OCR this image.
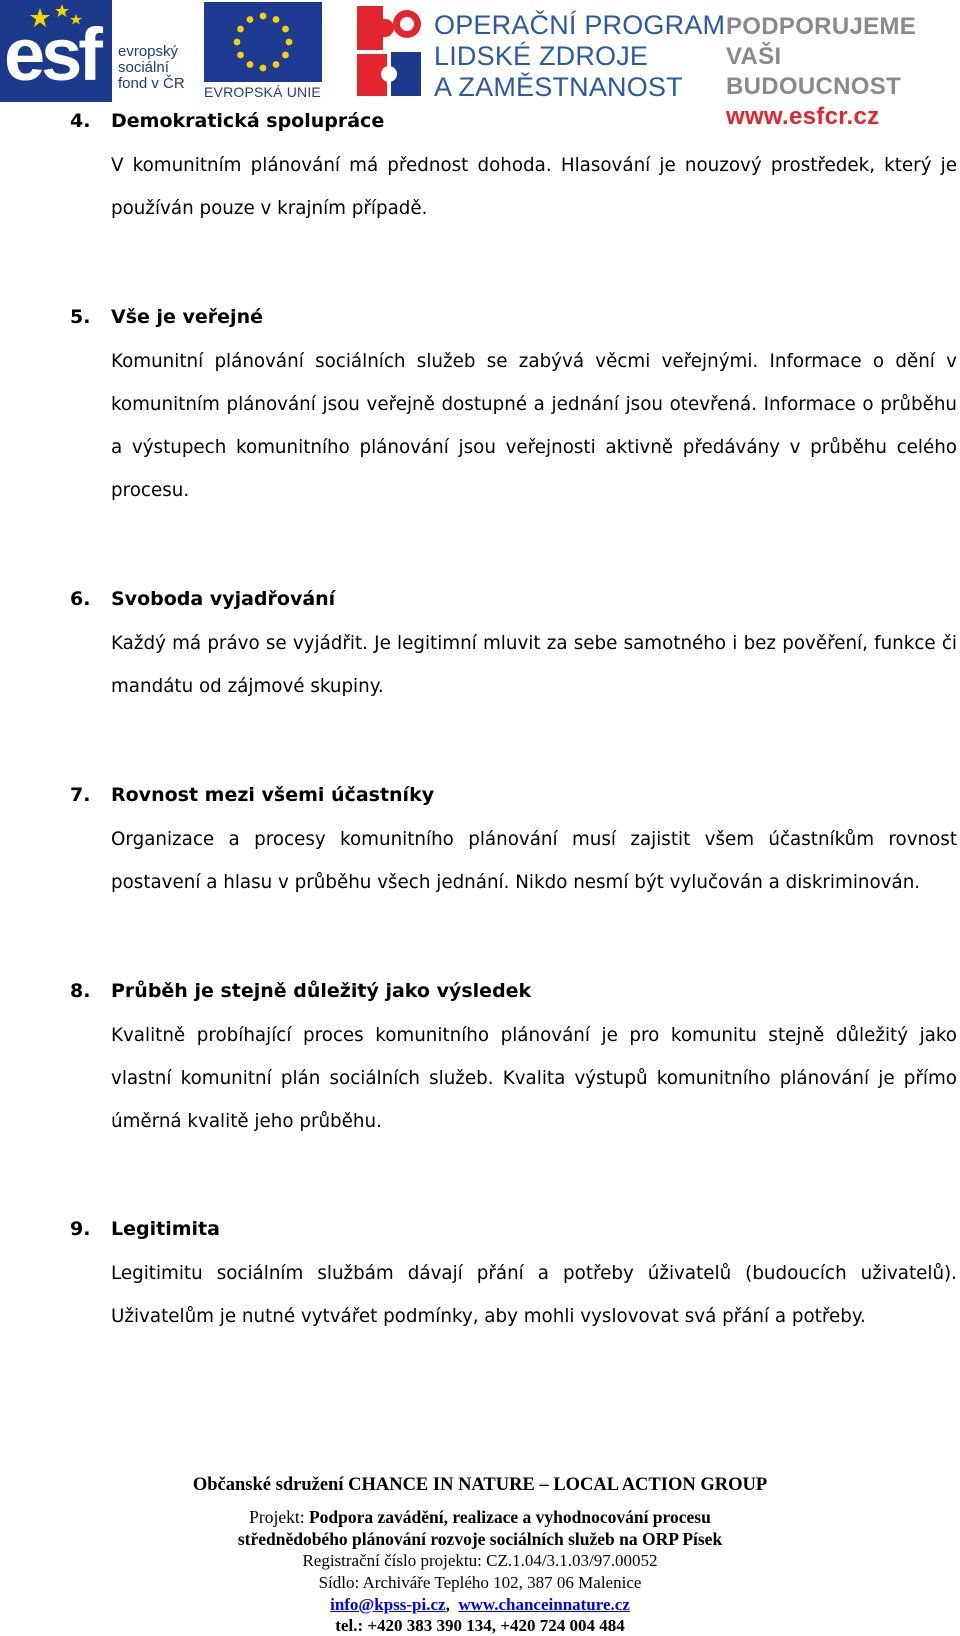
esf evropský
sociální
fond v ČR EVROPSKÁ UNIE
OPERAČNÍ PROGRAM
LIDSKÉ ZDROJE
A ZAMĚSTNANOST
PODPORUJEME
VAŠI BUDOUCNOST
www.esfcr.cz
4. Demokratická spolupráce
V komunitním plánování má přednost dohoda. Hlasování je nouzový prostředek, který je používán pouze v krajním případě.
5. Vše je veřejné
Komunitní plánování sociálních služeb se zabývá věcmi veřejnými. Informace o dění v komunitním plánování jsou veřejně dostupné a jednání jsou otevřená. Informace o průběhu a výstupech komunitního plánování jsou veřejnosti aktivně předávány v průběhu celého procesu.
6. Svoboda vyjadřování
Každý má právo se vyjádřit. Je legitimní mluvit za sebe samotného i bez pověření, funkce či mandátu od zájmové skupiny.
7. Rovnost mezi všemi účastníky
Organizace a procesy komunitního plánování musí zajistit všem účastníkům rovnost postavení a hlasu v průběhu všech jednání. Nikdo nesmí být vylučován a diskriminován.
8. Průběh je stejně důležitý jako výsledek
Kvalitně probíhající proces komunitního plánování je pro komunitu stejně důležitý jako vlastní komunitní plán sociálních služeb. Kvalita výstupů komunitního plánování je přímo úměrná kvalitě jeho průběhu.
9. Legitimita
Legitimitu sociálním službám dávají přání a potřeby úživatelů (budoucích uživatelů). Uživatelům je nutné vytvářet podmínky, aby mohli vyslovovat svá přání a potřeby.
Občanské sdružení CHANCE IN NATURE – LOCAL ACTION GROUP
Projekt: Podpora zavádění, realizace a vyhodnocování procesu
střednědobého plánování rozvoje sociálních služeb na ORP Písek
Registrační číslo projektu: CZ.1.04/3.1.03/97.00052
Sídlo: Archiváře Teplého 102, 387 06 Malenice
info@kpss-pi.cz, www.chanceinnature.cz
tel.: +420 383 390 134, +420 724 004 484
